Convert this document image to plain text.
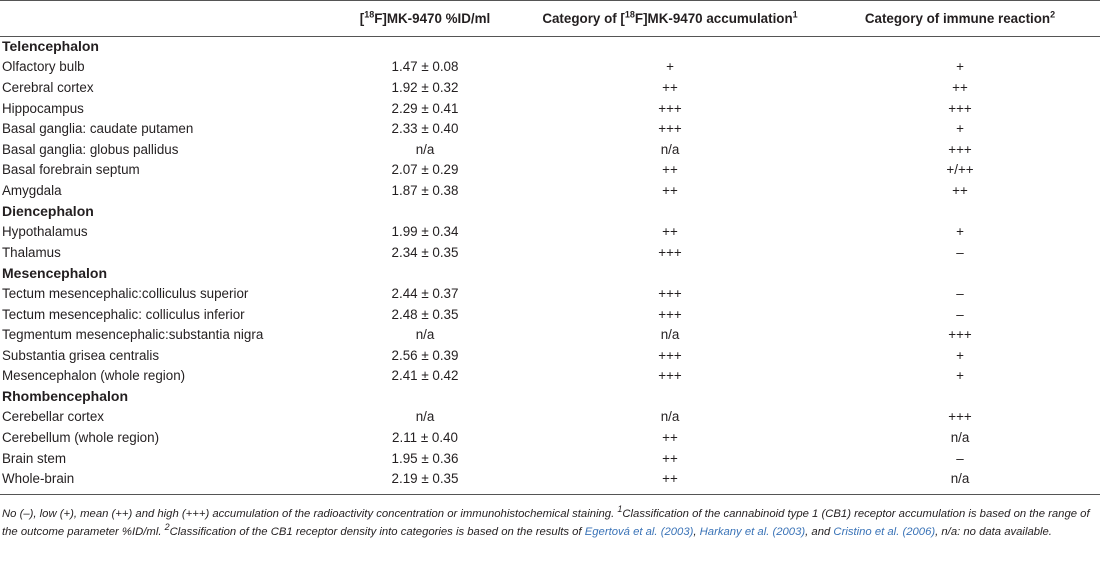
	[$^{18}$F]MK-9470 %ID/ml	Category of [$^{18}$F]MK-9470 accumulation$^1$	Category of immune reaction$^2$
Telencephalon			
Olfactory bulb	1.47 ± 0.08	+	+
Cerebral cortex	1.92 ± 0.32	++	++
Hippocampus	2.29 ± 0.41	+++	+++
Basal ganglia: caudate putamen	2.33 ± 0.40	+++	+
Basal ganglia: globus pallidus	n/a	n/a	+++
Basal forebrain septum	2.07 ± 0.29	++	+/++
Amygdala	1.87 ± 0.38	++	++
Diencephalon			
Hypothalamus	1.99 ± 0.34	++	+
Thalamus	2.34 ± 0.35	+++	–
Mesencephalon			
Tectum mesencephalic:colliculus superior	2.44 ± 0.37	+++	–
Tectum mesencephalic: colliculus inferior	2.48 ± 0.35	+++	–
Tegmentum mesencephalic:substantia nigra	n/a	n/a	+++
Substantia grisea centralis	2.56 ± 0.39	+++	+
Mesencephalon (whole region)	2.41 ± 0.42	+++	+
Rhombencephalon			
Cerebellar cortex	n/a	n/a	+++
Cerebellum (whole region)	2.11 ± 0.40	++	n/a
Brain stem	1.95 ± 0.36	++	–
Whole-brain	2.19 ± 0.35	++	n/a
No (–), low (+), mean (++) and high (+++) accumulation of the radioactivity concentration or immunohistochemical staining. $^1$Classification of the cannabinoid type 1 (CB1) receptor accumulation is based on the range of the outcome parameter %ID/ml. $^2$Classification of the CB1 receptor density into categories is based on the results of Egertová et al. (2003), Harkany et al. (2003), and Cristino et al. (2006), n/a: no data available.
